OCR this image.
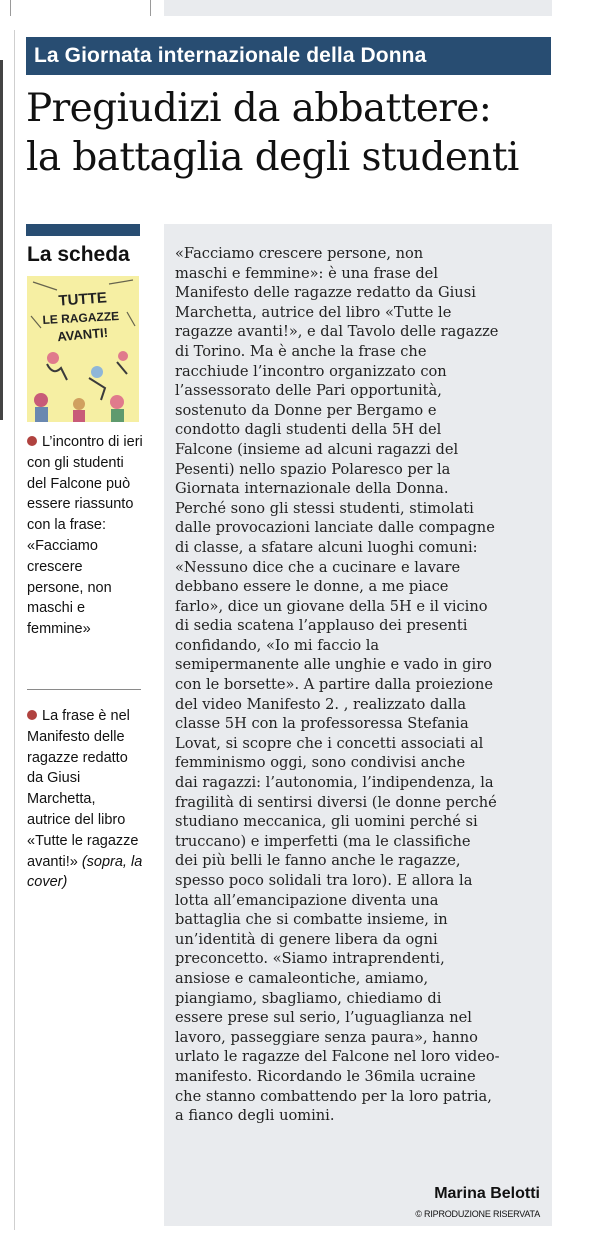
La Giornata internazionale della Donna
Pregiudizi da abbattere:
la battaglia degli studenti
La scheda
TUTTE
LE RAGAZZE
AVANTI!
L’incontro di ieri con gli studenti del Falcone può essere riassunto con la frase: «Facciamo crescere persone, non maschi e femmine»
La frase è nel Manifesto delle ragazze redatto da Giusi Marchetta, autrice del libro «Tutte le ragazze avanti!» (sopra, la cover)
«Facciamo crescere persone, non
maschi e femmine»: è una frase del
Manifesto delle ragazze redatto da Giusi
Marchetta, autrice del libro «Tutte le
ragazze avanti!», e dal Tavolo delle ragazze
di Torino. Ma è anche la frase che
racchiude l’incontro organizzato con
l’assessorato delle Pari opportunità,
sostenuto da Donne per Bergamo e
condotto dagli studenti della 5H del
Falcone (insieme ad alcuni ragazzi del
Pesenti) nello spazio Polaresco per la
Giornata internazionale della Donna.
Perché sono gli stessi studenti, stimolati
dalle provocazioni lanciate dalle compagne
di classe, a sfatare alcuni luoghi comuni:
«Nessuno dice che a cucinare e lavare
debbano essere le donne, a me piace
farlo», dice un giovane della 5H e il vicino
di sedia scatena l’applauso dei presenti
confidando, «Io mi faccio la
semipermanente alle unghie e vado in giro
con le borsette». A partire dalla proiezione
del video Manifesto 2. , realizzato dalla
classe 5H con la professoressa Stefania
Lovat, si scopre che i concetti associati al
femminismo oggi, sono condivisi anche
dai ragazzi: l’autonomia, l’indipendenza, la
fragilità di sentirsi diversi (le donne perché
studiano meccanica, gli uomini perché si
truccano) e imperfetti (ma le classifiche
dei più belli le fanno anche le ragazze,
spesso poco solidali tra loro). E allora la
lotta all’emancipazione diventa una
battaglia che si combatte insieme, in
un’identità di genere libera da ogni
preconcetto. «Siamo intraprendenti,
ansiose e camaleontiche, amiamo,
piangiamo, sbagliamo, chiediamo di
essere prese sul serio, l’uguaglianza nel
lavoro, passeggiare senza paura», hanno
urlato le ragazze del Falcone nel loro video-
manifesto. Ricordando le 36mila ucraine
che stanno combattendo per la loro patria,
a fianco degli uomini.
Marina Belotti
© RIPRODUZIONE RISERVATA
